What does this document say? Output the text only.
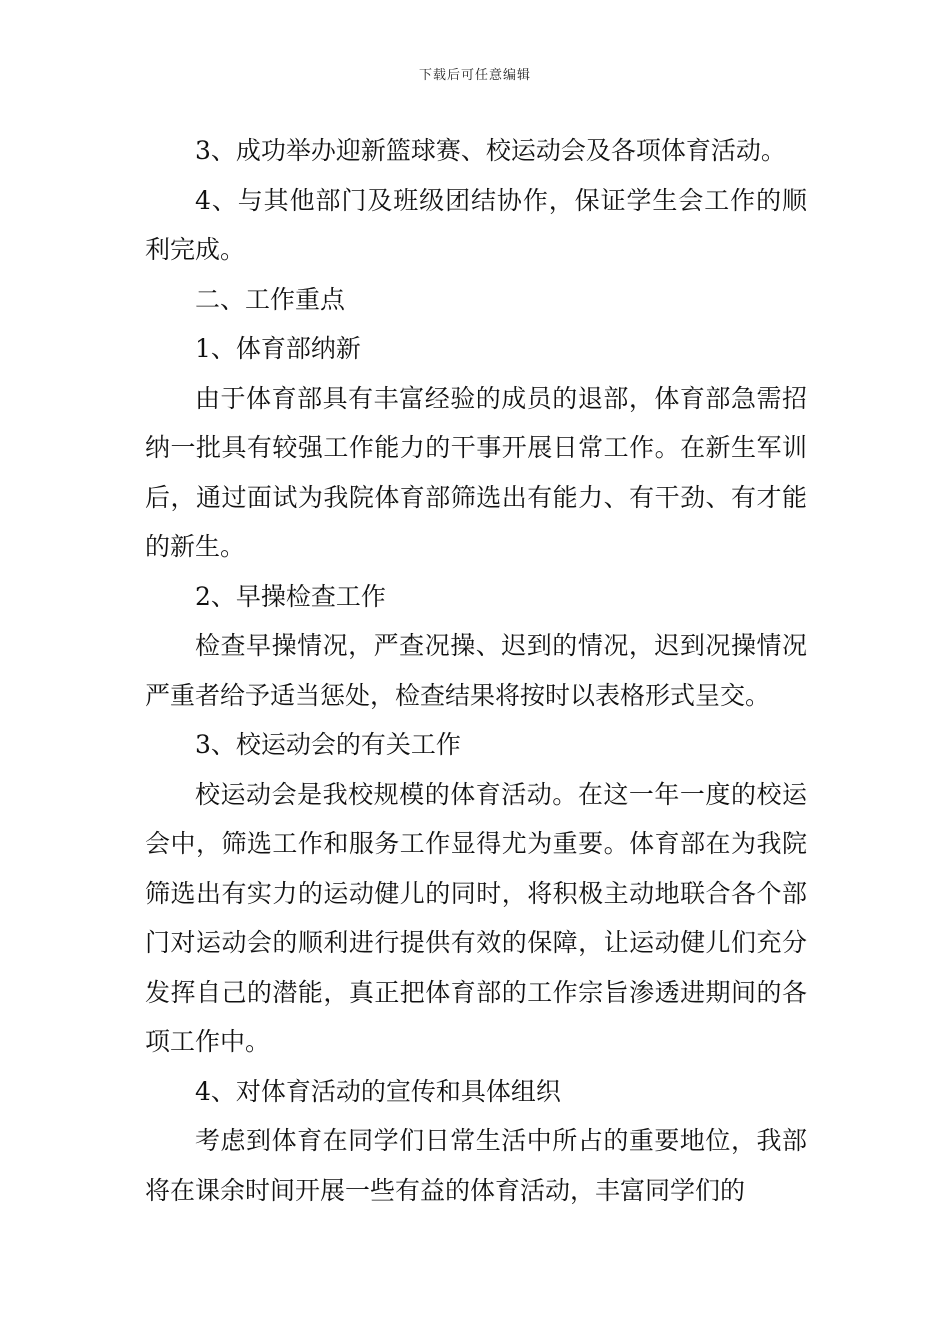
下载后可任意编辑

3、成功举办迎新篮球赛、校运动会及各项体育活动。

4、与其他部门及班级团结协作，保证学生会工作的顺利完成。

二、工作重点

1、体育部纳新

由于体育部具有丰富经验的成员的退部，体育部急需招纳一批具有较强工作能力的干事开展日常工作。在新生军训后，通过面试为我院体育部筛选出有能力、有干劲、有才能的新生。

2、早操检查工作

检查早操情况，严查况操、迟到的情况，迟到况操情况严重者给予适当惩处，检查结果将按时以表格形式呈交。

3、校运动会的有关工作

校运动会是我校规模的体育活动。在这一年一度的校运会中，筛选工作和服务工作显得尤为重要。体育部在为我院筛选出有实力的运动健儿的同时，将积极主动地联合各个部门对运动会的顺利进行提供有效的保障，让运动健儿们充分发挥自己的潜能，真正把体育部的工作宗旨渗透进期间的各项工作中。

4、对体育活动的宣传和具体组织

考虑到体育在同学们日常生活中所占的重要地位，我部将在课余时间开展一些有益的体育活动，丰富同学们的
